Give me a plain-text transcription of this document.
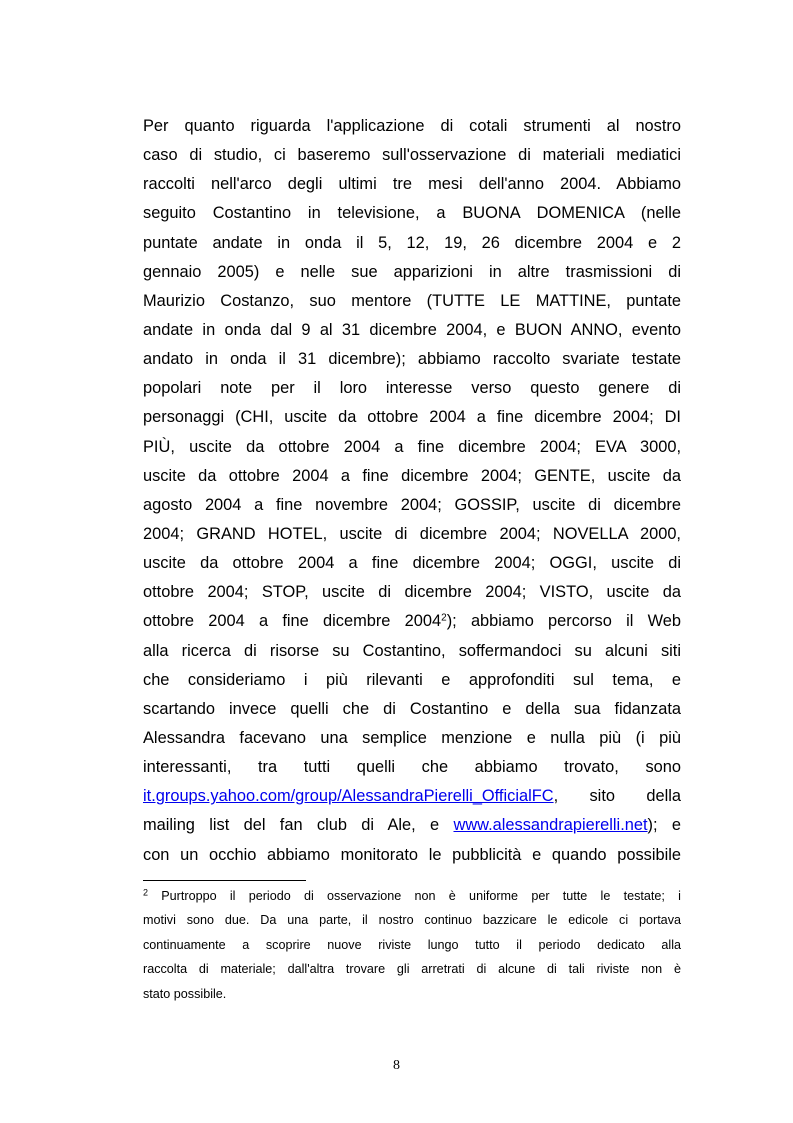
Per quanto riguarda l'applicazione di cotali strumenti al nostro
caso di studio, ci baseremo sull'osservazione di materiali mediatici
raccolti nell'arco degli ultimi tre mesi dell'anno 2004. Abbiamo
seguito Costantino in televisione, a BUONA DOMENICA (nelle
puntate andate in onda il 5, 12, 19, 26 dicembre 2004 e 2
gennaio 2005) e nelle sue apparizioni in altre trasmissioni di
Maurizio Costanzo, suo mentore (TUTTE LE MATTINE, puntate
andate in onda dal 9 al 31 dicembre 2004, e BUON ANNO, evento
andato in onda il 31 dicembre); abbiamo raccolto svariate testate
popolari note per il loro interesse verso questo genere di
personaggi (CHI, uscite da ottobre 2004 a fine dicembre 2004; DI
PIÙ, uscite da ottobre 2004 a fine dicembre 2004; EVA 3000,
uscite da ottobre 2004 a fine dicembre 2004; GENTE, uscite da
agosto 2004 a fine novembre 2004; GOSSIP, uscite di dicembre
2004; GRAND HOTEL, uscite di dicembre 2004; NOVELLA 2000,
uscite da ottobre 2004 a fine dicembre 2004; OGGI, uscite di
ottobre 2004; STOP, uscite di dicembre 2004; VISTO, uscite da
ottobre 2004 a fine dicembre 2004$^2$); abbiamo percorso il Web
alla ricerca di risorse su Costantino, soffermandoci su alcuni siti
che consideriamo i più rilevanti e approfonditi sul tema, e
scartando invece quelli che di Costantino e della sua fidanzata
Alessandra facevano una semplice menzione e nulla più (i più
interessanti, tra tutti quelli che abbiamo trovato, sono
it.groups.yahoo.com/group/AlessandraPierelli_OfficialFC, sito della
mailing list del fan club di Ale, e www.alessandrapierelli.net); e
con un occhio abbiamo monitorato le pubblicità e quando possibile
$^2$ Purtroppo il periodo di osservazione non è uniforme per tutte le testate; i
motivi sono due. Da una parte, il nostro continuo bazzicare le edicole ci portava
continuamente a scoprire nuove riviste lungo tutto il periodo dedicato alla
raccolta di materiale; dall'altra trovare gli arretrati di alcune di tali riviste non è
stato possibile.
8
